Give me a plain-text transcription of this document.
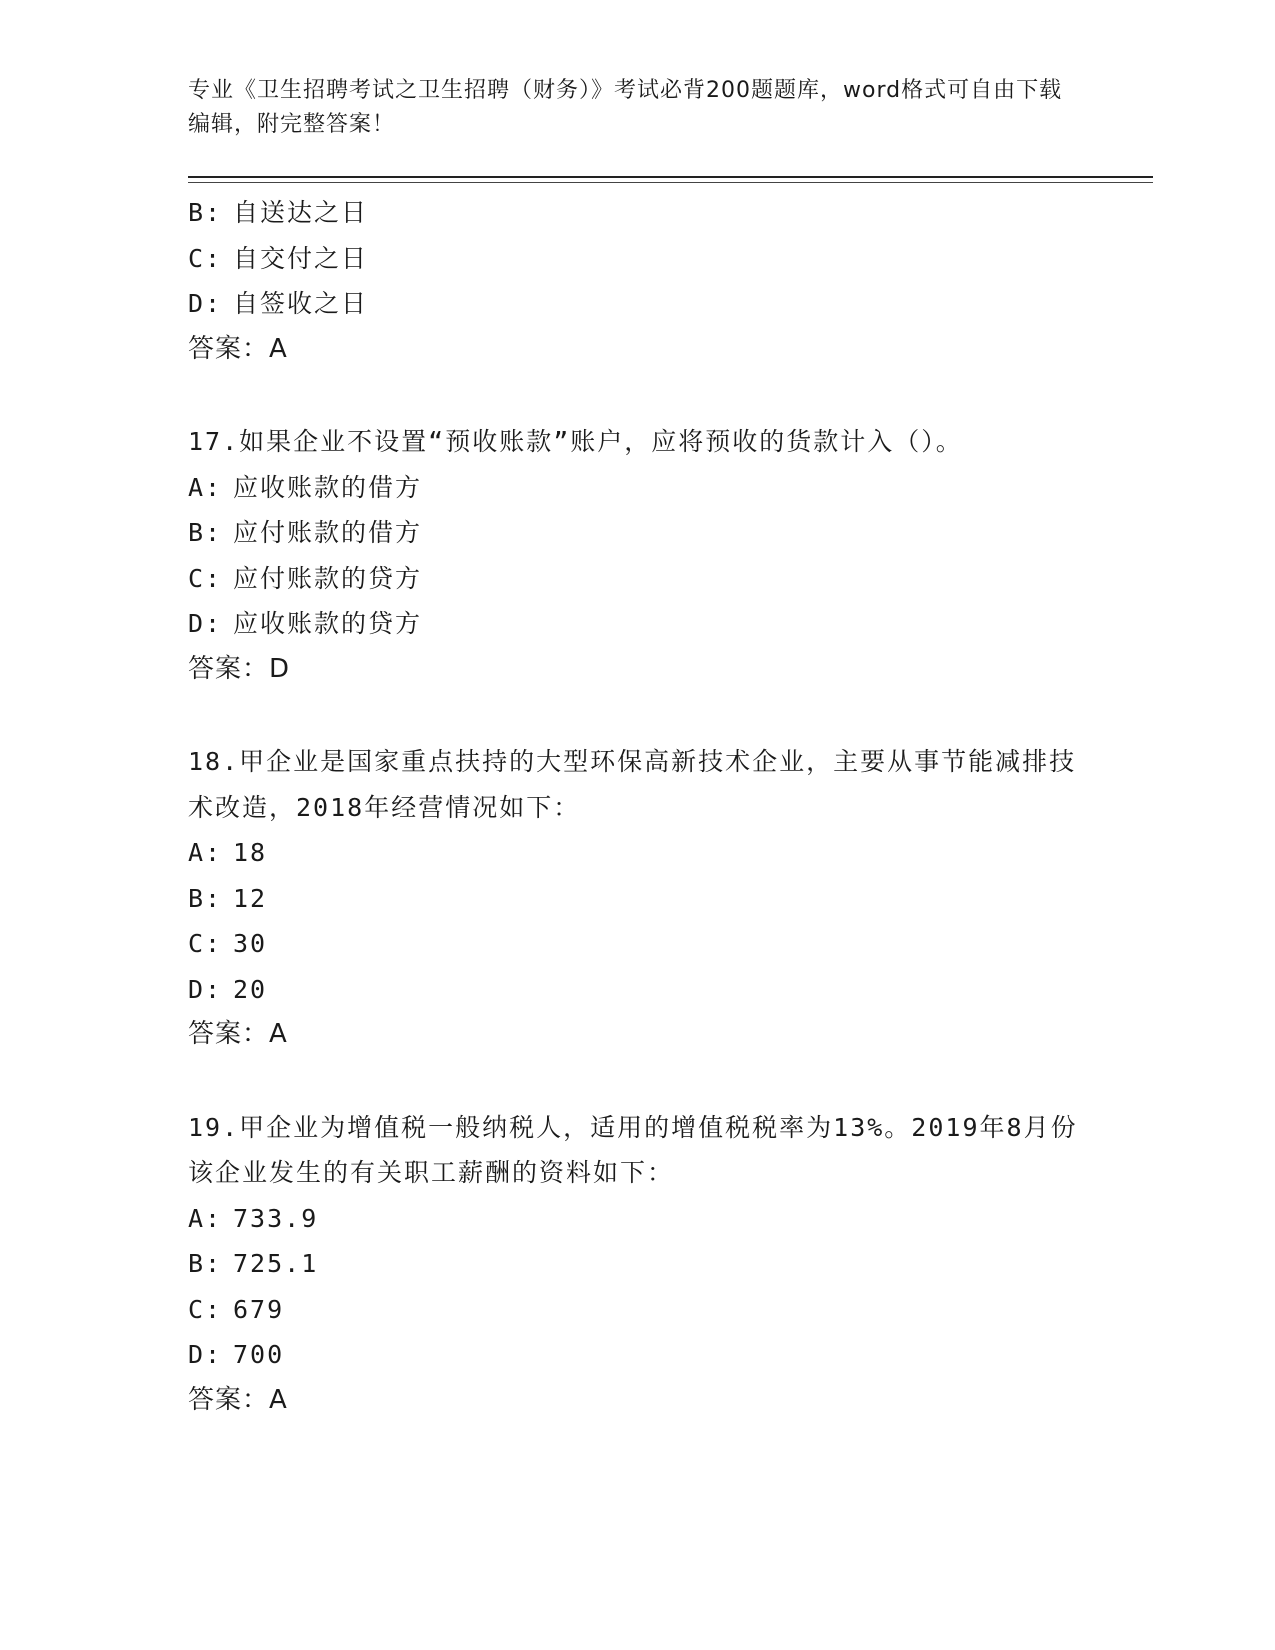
专业《卫生招聘考试之卫生招聘（财务）》考试必背200题题库，word格式可自由下载编辑，附完整答案！
B: 自送达之日
C: 自交付之日
D: 自签收之日
答案：A
17.如果企业不设置“预收账款”账户，应将预收的货款计入（）。
A: 应收账款的借方
B: 应付账款的借方
C: 应付账款的贷方
D: 应收账款的贷方
答案：D
18.甲企业是国家重点扶持的大型环保高新技术企业，主要从事节能减排技术改造，2018年经营情况如下：
A: 18
B: 12
C: 30
D: 20
答案：A
19.甲企业为增值税一般纳税人，适用的增值税税率为13%。2019年8月份该企业发生的有关职工薪酬的资料如下：
A: 733.9
B: 725.1
C: 679
D: 700
答案：A
